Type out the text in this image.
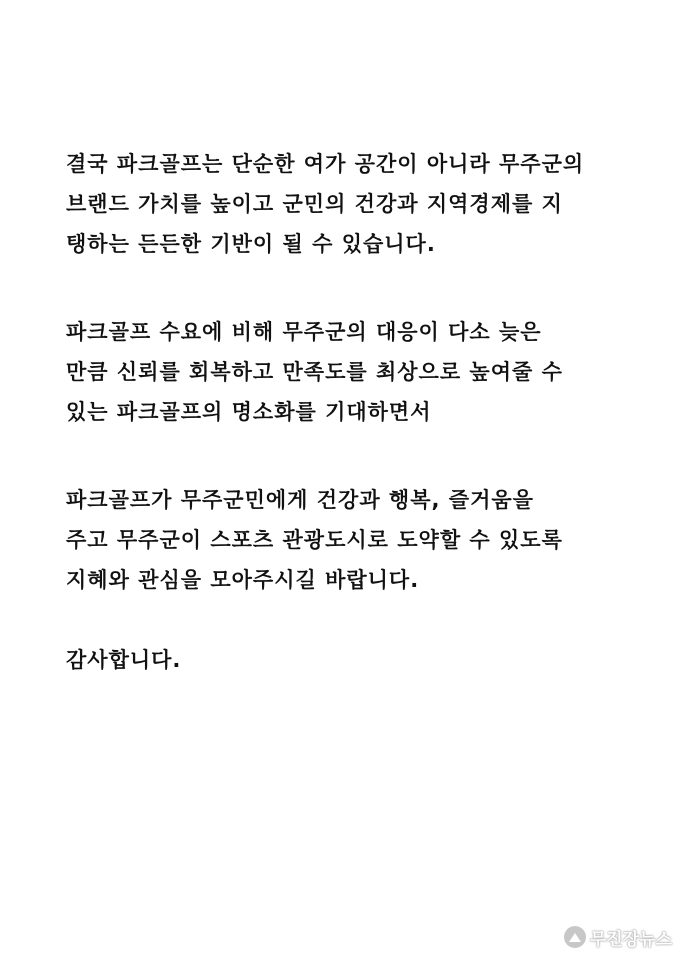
결국 파크골프는 단순한 여가 공간이 아니라 무주군의
브랜드 가치를 높이고 군민의 건강과 지역경제를 지
탱하는 든든한 기반이 될 수 있습니다.
파크골프 수요에 비해 무주군의 대응이 다소 늦은
만큼 신뢰를 회복하고 만족도를 최상으로 높여줄 수
있는 파크골프의 명소화를 기대하면서
파크골프가 무주군민에게 건강과 행복, 즐거움을
주고 무주군이 스포츠 관광도시로 도약할 수 있도록
지혜와 관심을 모아주시길 바랍니다.
감사합니다.
무진장뉴스
